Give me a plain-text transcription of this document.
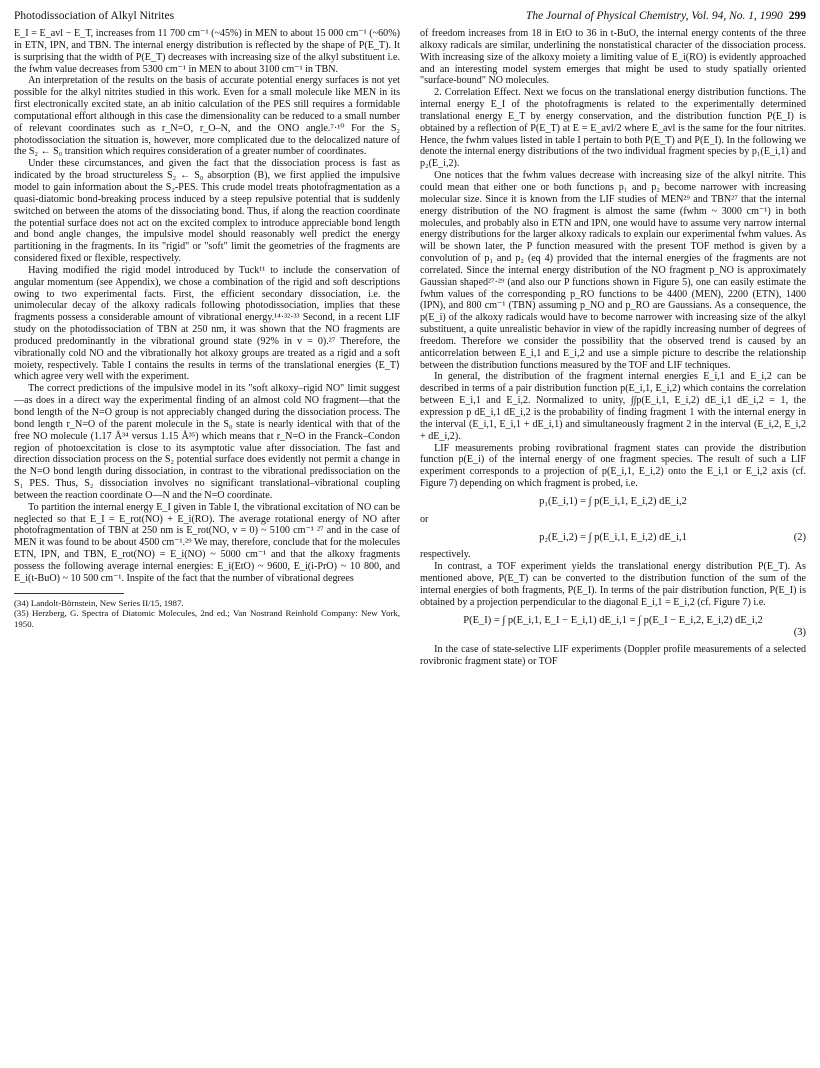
Photodissociation of Alkyl Nitrites	The Journal of Physical Chemistry, Vol. 94, No. 1, 1990 299

E_I = E_avl − E_T, increases from 11 700 cm⁻¹ (~45%) in MEN to about 15 000 cm⁻¹ (~60%) in ETN, IPN, and TBN. The internal energy distribution is reflected by the shape of P(E_T). It is surprising that the width of P(E_T) decreases with increasing size of the alkyl substituent i.e. the fwhm value decreases from 5300 cm⁻¹ in MEN to about 3100 cm⁻¹ in TBN.

An interpretation of the results on the basis of accurate potential energy surfaces is not yet possible for the alkyl nitrites studied in this work. Even for a small molecule like MEN in its first electronically excited state, an ab initio calculation of the PES still requires a formidable computational effort although in this case the dimensionality can be reduced to a small number of relevant coordinates such as r_N=O, r_O–N, and the ONO angle.⁷·¹⁰ For the S₂ photodissociation the situation is, however, more complicated due to the delocalized nature of the S₂ ← S₀ transition which requires consideration of a greater number of coordinates.

Under these circumstances, and given the fact that the dissociation process is fast as indicated by the broad structureless S₂ ← S₀ absorption (B), we first applied the impulsive model to gain information about the S₂-PES. This crude model treats photofragmentation as a quasi-diatomic bond-breaking process induced by a steep repulsive potential that is suddenly switched on between the atoms of the dissociating bond. Thus, if along the reaction coordinate the potential surface does not act on the excited complex to introduce appreciable bond length and bond angle changes, the impulsive model should reasonably well predict the energy partitioning in the fragments. In its "rigid" or "soft" limit the geometries of the fragments are considered fixed or flexible, respectively.

Having modified the rigid model introduced by Tuck¹¹ to include the conservation of angular momentum (see Appendix), we chose a combination of the rigid and soft descriptions owing to two experimental facts. First, the efficient secondary dissociation, i.e. the unimolecular decay of the alkoxy radicals following photodissociation, implies that these fragments possess a considerable amount of vibrational energy.¹⁴·³²·³³ Second, in a recent LIF study on the photodissociation of TBN at 250 nm, it was shown that the NO fragments are produced predominantly in the vibrational ground state (92% in v = 0).²⁷ Therefore, the vibrationally cold NO and the vibrationally hot alkoxy groups are treated as a rigid and a soft moiety, respectively. Table I contains the results in terms of the translational energies ⟨E_T⟩ which agree very well with the experiment.

The correct predictions of the impulsive model in its "soft alkoxy–rigid NO" limit suggest—as does in a direct way the experimental finding of an almost cold NO fragment—that the bond length of the N=O group is not appreciably changed during the dissociation process. The bond length r_N=O of the parent molecule in the S₀ state is nearly identical with that of the free NO molecule (1.17 Å³⁴ versus 1.15 Å³⁵) which means that r_N=O in the Franck–Condon region of photoexcitation is close to its asymptotic value after dissociation. The fast and direction dissociation process on the S₂ potential surface does evidently not permit a change in the N=O bond length during dissociation, in contrast to the vibrational predissociation on the S₁ PES. Thus, S₂ dissociation involves no significant translational–vibrational coupling between the reaction coordinate O—N and the N=O coordinate.

To partition the internal energy E_I given in Table I, the vibrational excitation of NO can be neglected so that E_I = E_rot(NO) + E_i(RO). The average rotational energy of NO after photofragmentation of TBN at 250 nm is E_rot(NO, v = 0) ~ 5100 cm⁻¹ ²⁷ and in the case of MEN it was found to be about 4500 cm⁻¹.²⁹ We may, therefore, conclude that for the molecules ETN, IPN, and TBN, E_rot(NO) = E_i(NO) ~ 5000 cm⁻¹ and that the alkoxy fragments possess the following average internal energies: E_i(EtO) ~ 9600, E_i(i-PrO) ~ 10 800, and E_i(t-BuO) ~ 10 500 cm⁻¹. Inspite of the fact that the number of vibrational degrees

(34) Landolt-Börnstein, New Series II/15, 1987.
(35) Herzberg, G. Spectra of Diatomic Molecules, 2nd ed.; Van Nostrand Reinhold Company: New York, 1950.

of freedom increases from 18 in EtO to 36 in t-BuO, the internal energy contents of the three alkoxy radicals are similar, underlining the nonstatistical character of the dissociation process. With increasing size of the alkoxy moiety a limiting value of E_i(RO) is evidently approached and an interesting model system emerges that might be used to study spatially oriented "surface-bound" NO molecules.

2. Correlation Effect. Next we focus on the translational energy distribution functions. The internal energy E_I of the photofragments is related to the experimentally determined translational energy E_T by energy conservation, and the distribution function P(E_I) is obtained by a reflection of P(E_T) at E = E_avl/2 where E_avl is the same for the four nitrites. Hence, the fwhm values listed in table I pertain to both P(E_T) and P(E_I). In the following we denote the internal energy distributions of the two individual fragment species by p₁(E_i,1) and p₂(E_i,2).

One notices that the fwhm values decrease with increasing size of the alkyl nitrite. This could mean that either one or both functions p₁ and p₂ become narrower with increasing molecular size. Since it is known from the LIF studies of MEN²⁹ and TBN²⁷ that the internal energy distribution of the NO fragment is almost the same (fwhm ~ 3000 cm⁻¹) in both molecules, and probably also in ETN and IPN, one would have to assume very narrow internal energy distributions for the larger alkoxy radicals to explain our experimental fwhm values. As will be shown later, the P function measured with the present TOF method is given by a convolution of p₁ and p₂ (eq 4) provided that the internal energies of the fragments are not correlated. Since the internal energy distribution of the NO fragment p_NO is approximately Gaussian shaped²⁷·²⁹ (and also our P functions shown in Figure 5), one can easily estimate the fwhm values of the corresponding p_RO functions to be 4400 (MEN), 2200 (ETN), 1400 (IPN), and 800 cm⁻¹ (TBN) assuming p_NO and p_RO are Gaussians. As a consequence, the p(E_i) of the alkoxy radicals would have to become narrower with increasing size of the alkyl substituent, a quite unrealistic behavior in view of the rapidly increasing number of degrees of freedom. Therefore we consider the possibility that the observed trend is caused by an anticorrelation between E_i,1 and E_i,2 and use a simple picture to describe the relationship between the distribution functions measured by the TOF and LIF techniques.

In general, the distribution of the fragment internal energies E_i,1 and E_i,2 can be described in terms of a pair distribution function p(E_i,1, E_i,2) which contains the correlation between E_i,1 and E_i,2. Normalized to unity, ∫∫p(E_i,1, E_i,2) dE_i,1 dE_i,2 = 1, the expression p dE_i,1 dE_i,2 is the probability of finding fragment 1 with the internal energy in the interval (E_i,1, E_i,1 + dE_i,1) and simultaneously fragment 2 in the interval (E_i,2, E_i,2 + dE_i,2).

LIF measurements probing rovibrational fragment states can provide the distribution function p(E_i) of the internal energy of one fragment species. The result of such a LIF experiment corresponds to a projection of p(E_i,1, E_i,2) onto the E_i,1 or E_i,2 axis (cf. Figure 7) depending on which fragment is probed, i.e.

p₁(E_i,1) = ∫ p(E_i,1, E_i,2) dE_i,2
or
p₂(E_i,2) = ∫ p(E_i,1, E_i,2) dE_i,1	(2)

respectively.

In contrast, a TOF experiment yields the translational energy distribution P(E_T). As mentioned above, P(E_T) can be converted to the distribution function of the sum of the internal energies of both fragments, P(E_I). In terms of the pair distribution function, P(E_I) is obtained by a projection perpendicular to the diagonal E_i,1 = E_i,2 (cf. Figure 7) i.e.

P(E_I) = ∫ p(E_i,1, E_I − E_i,1) dE_i,1 = ∫ p(E_I − E_i,2, E_i,2) dE_i,2
(3)

In the case of state-selective LIF experiments (Doppler profile measurements of a selected rovibronic fragment state) or TOF
